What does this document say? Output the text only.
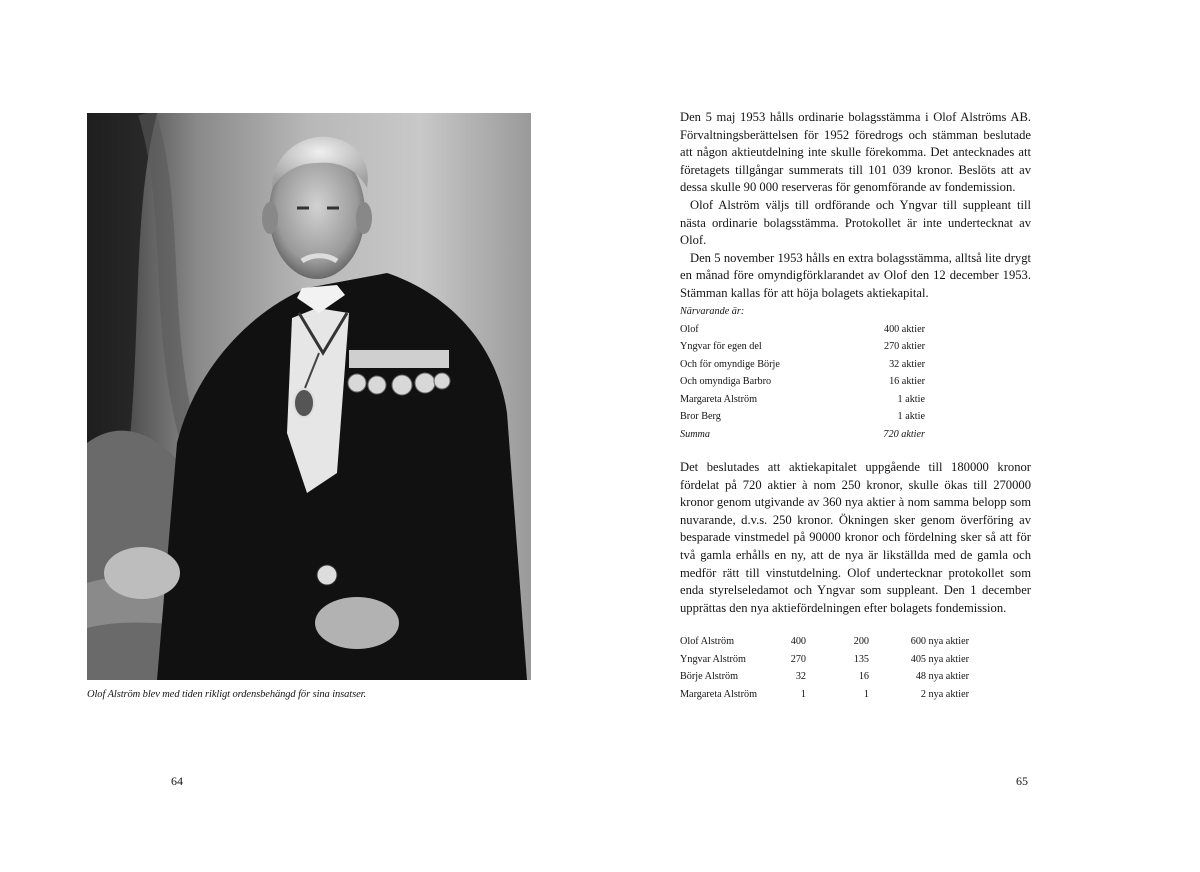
Olof Alström blev med tiden rikligt ordensbehängd för sina insatser.
64

Den 5 maj 1953 hålls ordinarie bolagsstämma i Olof Alströms AB. Förvaltningsberättelsen för 1952 föredrogs och stämman beslutade att någon aktieutdelning inte skulle förekomma. Det antecknades att företagets tillgångar summerats till 101 039 kronor. Beslöts att av dessa skulle 90 000 reserveras för genomförande av fondemission.

Olof Alström väljs till ordförande och Yngvar till suppleant till nästa ordinarie bolagsstämma. Protokollet är inte undertecknat av Olof.

Den 5 november 1953 hålls en extra bolagsstämma, alltså lite drygt en månad före omyndigförklarandet av Olof den 12 december 1953. Stämman kallas för att höja bolagets aktiekapital.

Närvarande är:
Olof	400 aktier
Yngvar för egen del	270 aktier
Och för omyndige Börje	32 aktier
Och omyndiga Barbro	16 aktier
Margareta Alström	1 aktie
Bror Berg	1 aktie
Summa	720 aktier

Det beslutades att aktiekapitalet uppgående till 180000 kronor fördelat på 720 aktier à nom 250 kronor, skulle ökas till 270000 kronor genom utgivande av 360 nya aktier à nom samma belopp som nuvarande, d.v.s. 250 kronor. Ökningen sker genom överföring av besparade vinstmedel på 90000 kronor och fördelning sker så att för två gamla erhålls en ny, att de nya är likställda med de gamla och medför rätt till vinstutdelning. Olof undertecknar protokollet som enda styrelseledamot och Yngvar som suppleant. Den 1 december upprättas den nya aktiefördelningen efter bolagets fondemission.

Olof Alström	400	200	600 nya aktier
Yngvar Alström	270	135	405 nya aktier
Börje Alström	32	16	48 nya aktier
Margareta Alström	1	1	2 nya aktier
65
